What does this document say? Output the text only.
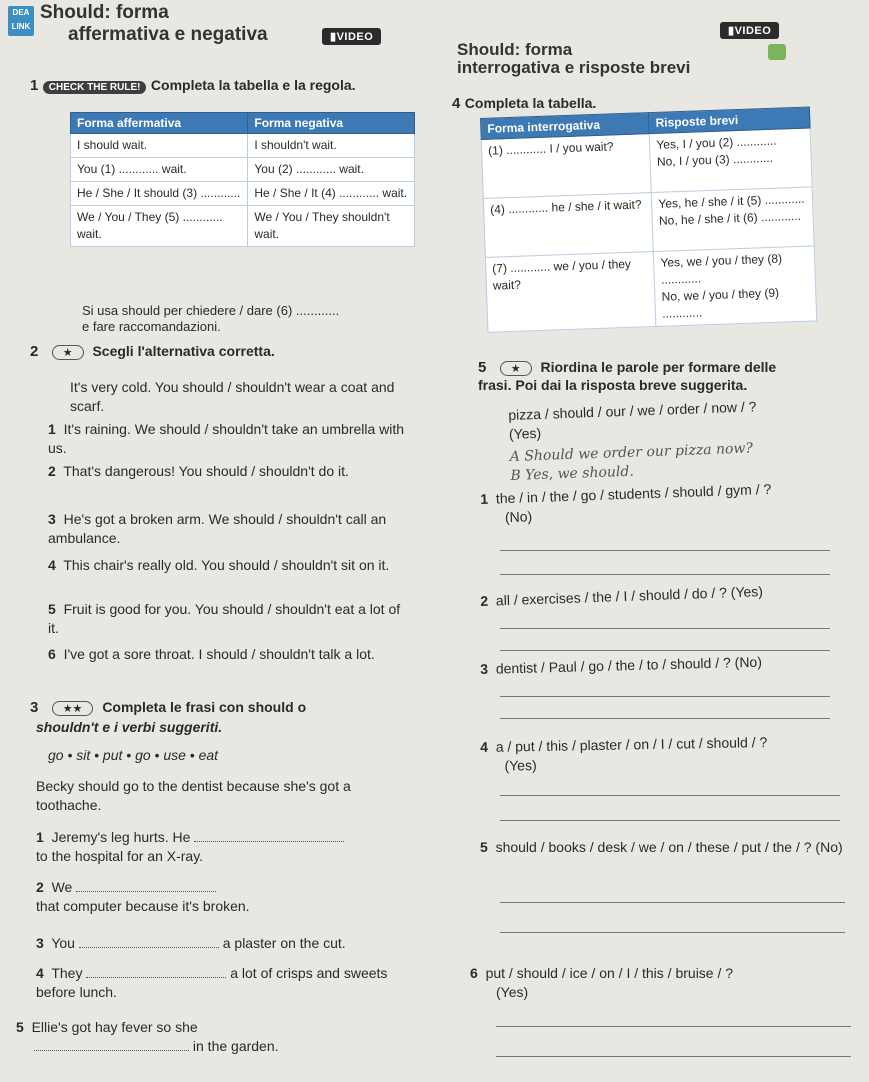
DEA LINK
Should: forma
affermativa e negativa	▮VIDEO	▮VIDEO
Should: forma
interrogativa e risposte brevi
1 CHECK THE RULE! Completa la tabella e la regola.
Forma affermativa	Forma negativa
I should wait.	I shouldn't wait.
You (1) ............ wait.	You (2) ............ wait.
He / She / It should (3) ............	He / She / It (4) ............ wait.
We / You / They (5) ............ wait.	We / You / They shouldn't wait.
Si usa should per chiedere / dare (6) ............
e fare raccomandazioni.
4 Completa la tabella.
Forma interrogativa	Risposte brevi
(1) ............ I / you wait?	Yes, I / you (2) ............
No, I / you (3) ............
(4) ............ he / she / it wait?	Yes, he / she / it (5) ............
No, he / she / it (6) ............
(7) ............ we / you / they wait?	Yes, we / you / they (8) ............
No, we / you / they (9) ............
2 ★ Scegli l'alternativa corretta.
It's very cold. You should / shouldn't wear a coat and scarf.
1 It's raining. We should / shouldn't take an umbrella with us.
2 That's dangerous! You should / shouldn't do it.
3 He's got a broken arm. We should / shouldn't call an ambulance.
4 This chair's really old. You should / shouldn't sit on it.
5 Fruit is good for you. You should / shouldn't eat a lot of it.
6 I've got a sore throat. I should / shouldn't talk a lot.
3 ★★ Completa le frasi con should o
shouldn't e i verbi suggeriti.
go • sit • put • go • use • eat
Becky should go to the dentist because she's got a toothache.
1 Jeremy's leg hurts. He
to the hospital for an X-ray.
2 We
that computer because it's broken.
3 You	a plaster on the cut.
4 They	a lot of crisps and sweets before lunch.
5 Ellie's got hay fever so she
in the garden.
5 ★ Riordina le parole per formare delle
frasi. Poi dai la risposta breve suggerita.
pizza / should / our / we / order / now / ?
(Yes)
A Should we order our pizza now?
B Yes, we should.
1 the / in / the / go / students / should / gym / ?
(No)
2 all / exercises / the / I / should / do / ? (Yes)
3 dentist / Paul / go / the / to / should / ? (No)
4 a / put / this / plaster / on / I / cut / should / ?
(Yes)
5 should / books / desk / we / on / these / put / the / ? (No)
6 put / should / ice / on / I / this / bruise / ?
(Yes)
